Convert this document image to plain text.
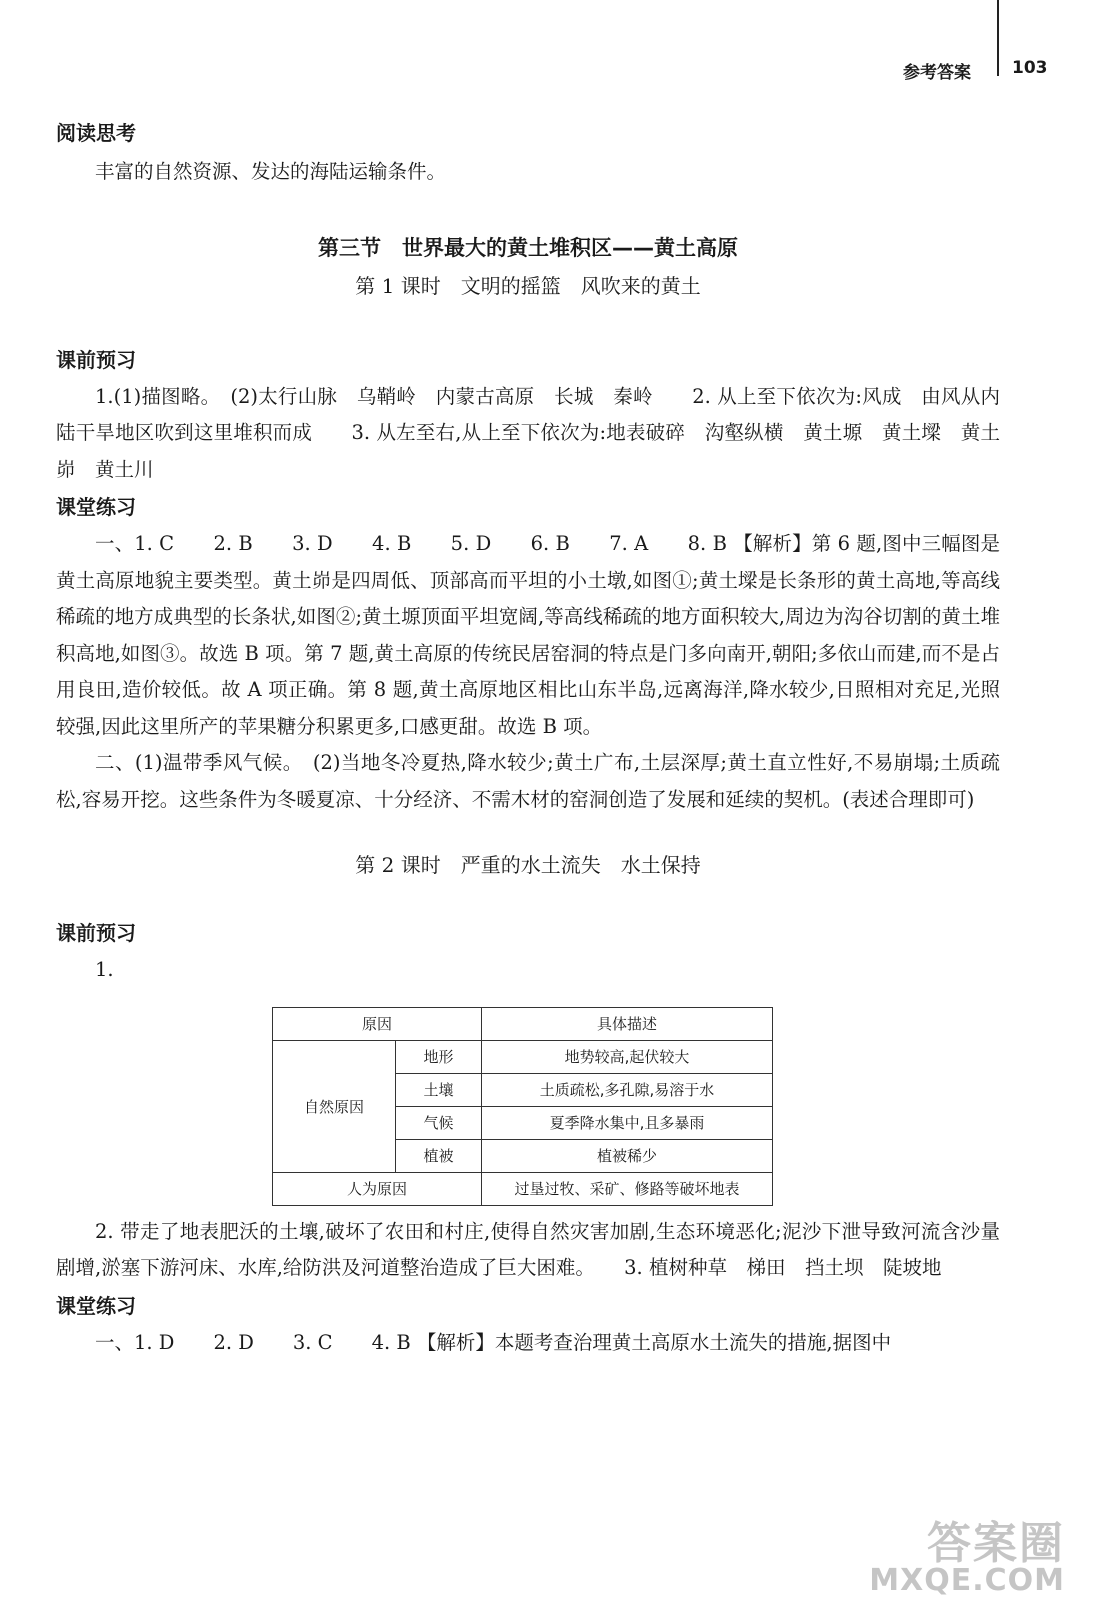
参考答案 103

阅读思考

丰富的自然资源、发达的海陆运输条件。

第三节　世界最大的黄土堆积区——黄土高原

第 1 课时　文明的摇篮　风吹来的黄土

课前预习

1.(1)描图略。　(2)太行山脉　乌鞘岭　内蒙古高原　长城　秦岭　　2. 从上至下依次为:风成　由风从内陆干旱地区吹到这里堆积而成　　3. 从左至右,从上至下依次为:地表破碎　沟壑纵横　黄土塬　黄土墚　黄土峁　黄土川

课堂练习

一、1. C　　2. B　　3. D　　4. B　　5. D　　6. B　　7. A　　8. B 【解析】第 6 题,图中三幅图是黄土高原地貌主要类型。黄土峁是四周低、顶部高而平坦的小土墩,如图①;黄土墚是长条形的黄土高地,等高线稀疏的地方成典型的长条状,如图②;黄土塬顶面平坦宽阔,等高线稀疏的地方面积较大,周边为沟谷切割的黄土堆积高地,如图③。故选 B 项。第 7 题,黄土高原的传统民居窑洞的特点是门多向南开,朝阳;多依山而建,而不是占用良田,造价较低。故 A 项正确。第 8 题,黄土高原地区相比山东半岛,远离海洋,降水较少,日照相对充足,光照较强,因此这里所产的苹果糖分积累更多,口感更甜。故选 B 项。

二、(1)温带季风气候。　(2)当地冬冷夏热,降水较少;黄土广布,土层深厚;黄土直立性好,不易崩塌;土质疏松,容易开挖。这些条件为冬暖夏凉、十分经济、不需木材的窑洞创造了发展和延续的契机。(表述合理即可)

第 2 课时　严重的水土流失　水土保持

课前预习

1.

原因		具体描述
自然原因	地形	地势较高,起伏较大
	土壤	土质疏松,多孔隙,易溶于水
	气候	夏季降水集中,且多暴雨
	植被	植被稀少
人为原因		过垦过牧、采矿、修路等破坏地表

2. 带走了地表肥沃的土壤,破坏了农田和村庄,使得自然灾害加剧,生态环境恶化;泥沙下泄导致河流含沙量剧增,淤塞下游河床、水库,给防洪及河道整治造成了巨大困难。　　3. 植树种草　梯田　挡土坝　陡坡地

课堂练习

一、1. D　　2. D　　3. C　　4. B 【解析】本题考查治理黄土高原水土流失的措施,据图中

答案圈
MXQE.COM
